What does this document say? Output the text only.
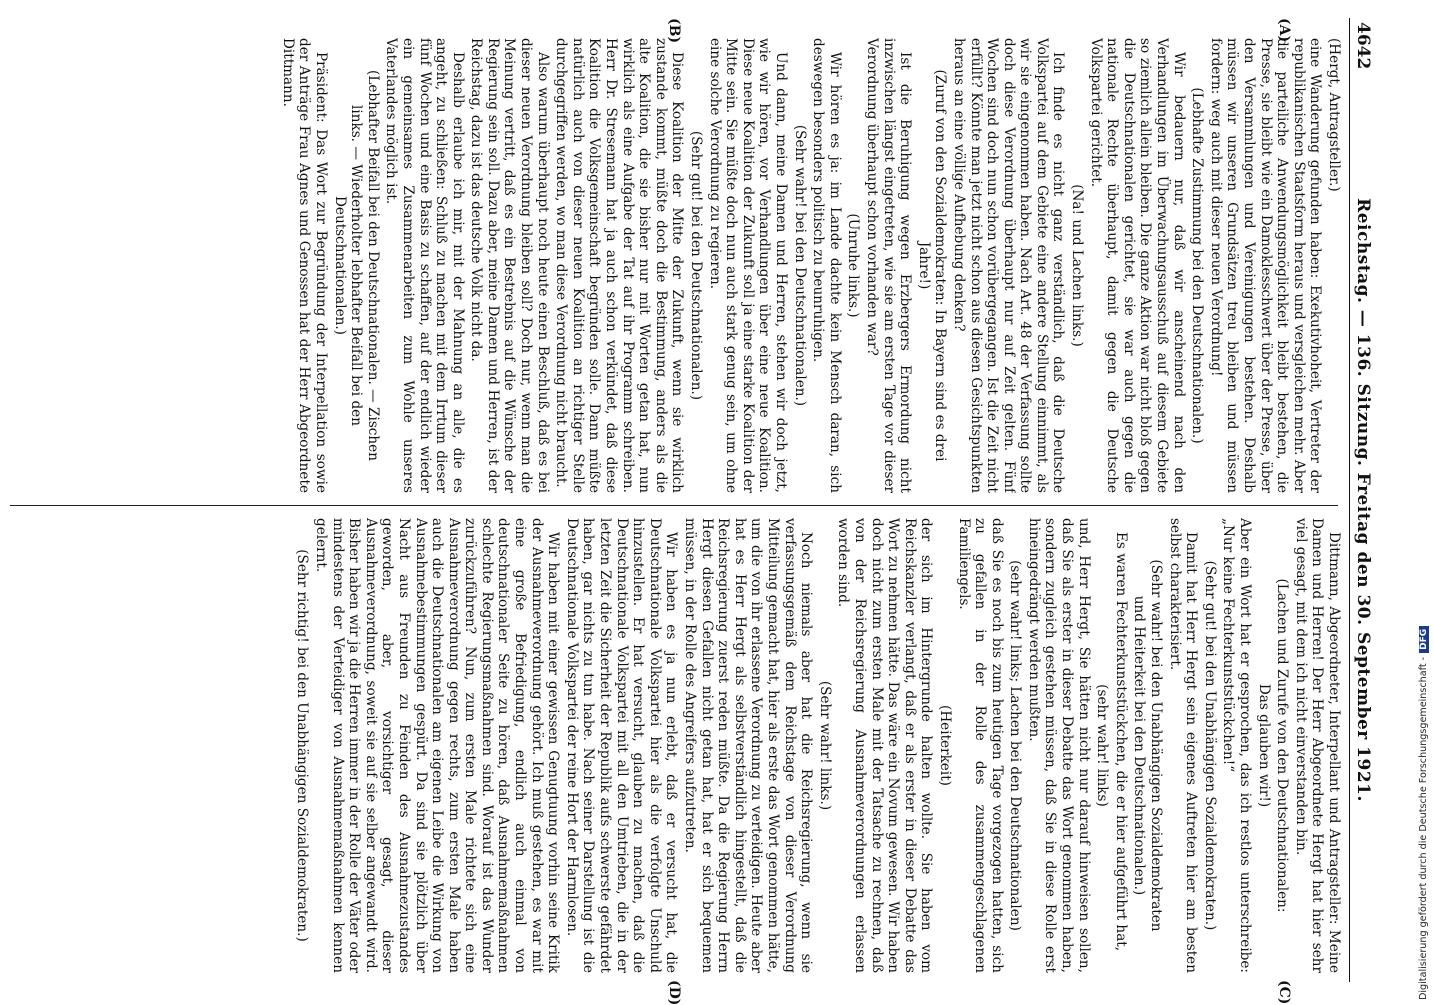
4642
Reichstag. — 136. Sitzung. Freitag den 30. September 1921.
(A)
(B)
(C)
(D)

(Hergt, Antragsteller.)

eine Wanderung gefunden haben: Exekutivhoheit, Vertreter der republikanischen Staatsform heraus und versgleichen mehr. Aber die parteiliche Anwendungsmöglichkeit bleibt bestehen, die Presse, sie bleibt wie ein Damoklesschwert über der Presse, über den Versammlungen und Vereinigungen bestehen. Deshalb müssen wir unseren Grundsätzen treu bleiben und müssen fordern: weg auch mit dieser neuen Verordnung!

(Lebhafte Zustimmung bei den Deutschnationalen.)

Wir bedauern nur, daß wir anscheinend nach den Verhandlungen im Überwachungsausschuß auf diesem Gebiete so ziemlich allein bleiben. Die ganze Aktion war nicht bloß gegen die Deutschnationalen gerichtet, sie war auch gegen die nationale Rechte überhaupt, damit gegen die Deutsche Volkspartei gerichtet.

(Na! und Lachen links.)

Ich finde es nicht ganz verständlich, daß die Deutsche Volkspartei auf dem Gebiete eine andere Stellung einnimmt, als wir sie eingenommen haben. Nach Art. 48 der Verfassung sollte doch diese Verordnung überhaupt nur auf Zeit gelten. Fünf Wochen sind doch nun schon vorübergegangen. Ist die Zeit nicht erfüllt? Könnte man jetzt nicht schon aus diesen Gesichtspunkten heraus an eine völlige Aufhebung denken?

(Zuruf von den Sozialdemokraten: In Bayern sind es drei Jahre!)

Ist die Beruhigung wegen Erzbergers Ermordung nicht inzwischen längst eingetreten, wie sie am ersten Tage vor dieser Verordnung überhaupt schon vorhanden war?

(Unruhe links.)

Wir hören es ja: im Lande dachte kein Mensch daran, sich deswegen besonders politisch zu beunruhigen.

(Sehr wahr! bei den Deutschnationalen.)

Und dann, meine Damen und Herren, stehen wir doch jetzt, wie wir hören, vor Verhandlungen über eine neue Koalition. Diese neue Koalition der Zukunft soll ja eine starke Koalition der Mitte sein. Sie müßte doch nun auch stark genug sein, um ohne eine solche Verordnung zu regieren.

(Sehr gut! bei den Deutschnationalen.)

Diese Koalition der Mitte der Zukunft, wenn sie wirklich zustande kommt, müßte doch die Bestimmung, anders als die alte Koalition, die sie bisher nur mit Worten getan hat, nun wirklich als eine Aufgabe der Tat auf ihr Programm schreiben. Herr Dr. Stresemann hat ja auch schon verkündet, daß diese Koalition die Volksgemeinschaft begründen solle. Dann müßte natürlich auch von dieser neuen Koalition an richtiger Stelle durchgegriffen werden, wo man diese Verordnung nicht braucht.

Also warum überhaupt noch heute einen Beschluß, daß es bei dieser neuen Verordnung bleiben soll? Doch nur, wenn man die Meinung vertritt, daß es ein Bestrebnis auf die Wünsche der Regierung sein soll. Dazu aber, meine Damen und Herren, ist der Reichstag, dazu ist das deutsche Volk nicht da.

Deshalb erlaube ich mir, mit der Mahnung an alle, die es angeht, zu schließen: Schluß zu machen mit dem Irrtum dieser fünf Wochen und eine Basis zu schaffen, auf der endlich wieder ein gemeinsames Zusammenarbeiten zum Wohle unseres Vaterlandes möglich ist.

(Lebhafter Beifall bei den Deutschnationalen. — Zischen links. — Wiederholter lebhafter Beifall bei den Deutschnationalen.)

Präsident: Das Wort zur Begründung der Interpellation sowie der Anträge Frau Agnes und Genossen hat der Herr Abgeordnete Dittmann.

Dittmann, Abgeordneter, Interpellant und Antragsteller: Meine Damen und Herren! Der Herr Abgeordnete Hergt hat hier sehr viel gesagt, mit dem ich nicht einverstanden bin.

(Lachen und Zurufe von den Deutschnationalen:

Das glauben wir!)

Aber ein Wort hat er gesprochen, das ich restlos unterschreibe: „Nur keine Fechterkunststückchen!“

(Sehr gut! bei den Unabhängigen Sozialdemokraten.)

Damit hat Herr Hergt sein eigenes Auftreten hier am besten selbst charakterisiert.

(Sehr wahr! bei den Unabhängigen Sozialdemokraten und Heiterkeit bei den Deutschnationalen.)

Es waren Fechterkunststückchen, die er hier aufgeführt hat,

(sehr wahr! links)

und, Herr Hergt, Sie hätten nicht nur darauf hinweisen sollen, daß Sie als erster in dieser Debatte das Wort genommen haben, sondern zugleich gestehen müssen, daß Sie in diese Rolle erst hineingedrängt werden mußten.

(sehr wahr! links; Lachen bei den Deutschnationalen)

daß Sie es noch bis zum heutigen Tage vorgezogen hatten, sich zu gefallen in der Rolle des zusammengeschlagenen Familiengels.

(Heiterkeit)

der sich im Hintergrunde halten wollte. Sie haben vom Reichskanzler verlangt, daß er als erster in dieser Debatte das Wort zu nehmen hätte. Das wäre ein Novum gewesen. Wir haben doch nicht zum ersten Male mit der Tatsache zu rechnen, daß von der Reichsregierung Ausnahmeverordnungen erlassen worden sind.

(Sehr wahr! links.)

Noch niemals aber hat die Reichsregierung, wenn sie verfassungsgemäß dem Reichstage von dieser Verordnung Mitteilung gemacht hat, hier als erste das Wort genommen hätte, um die von ihr erlassene Verordnung zu verteidigen. Heute aber hat es Herr Hergt als selbstverständlich hingestellt, daß die Reichsregierung zuerst reden müßte. Da die Regierung Herrn Hergt diesen Gefallen nicht getan hat, hat er sich bequemen müssen, in der Rolle des Angreifers aufzutreten.

Wir haben es ja nun erlebt, daß er versucht hat, die Deutschnationale Volkspartei hier als die verfolgte Unschuld hinzustellen. Er hat versucht, glauben zu machen, daß die Deutschnationale Volkspartei mit all den Umtrieben, die in der letzten Zeit die Sicherheit der Republik aufs schwerste gefährdet haben, gar nichts zu tun habe. Nach seiner Darstellung ist die Deutschnationale Volkspartei der reine Hort der Harmlosen.

Wir haben mit einer gewissen Genugtuung vorhin seine Kritik der Ausnahmeverordnung gehört. Ich muß gestehen, es war mit eine große Befriedigung, endlich auch einmal von deutschnationaler Seite zu hören, daß Ausnahmemaßnahmen schlechte Regierungsmaßnahmen sind. Worauf ist das Wunder zurückzuführen? Nun, zum ersten Male richtete sich eine Ausnahmeverordnung gegen rechts, zum ersten Male haben auch die Deutschnationalen am eigenen Leibe die Wirkung von Ausnahmebestimmungen gespürt. Da sind sie plötzlich über Nacht aus Freunden zu Feinden des Ausnahmezustandes geworden, aber, vorsichtiger gesagt, dieser Ausnahmeverordnung, soweit sie auf sie selber angewandt wird. Bisher haben wir ja die Herren immer in der Rolle der Väter oder mindestens der Verteidiger von Ausnahmemaßnahmen kennen gelernt.

(Sehr richtig! bei den Unabhängigen Sozialdemokraten.)	Digitalisierung gefördert durch die Deutsche Forschungsgemeinschaft -DFG
